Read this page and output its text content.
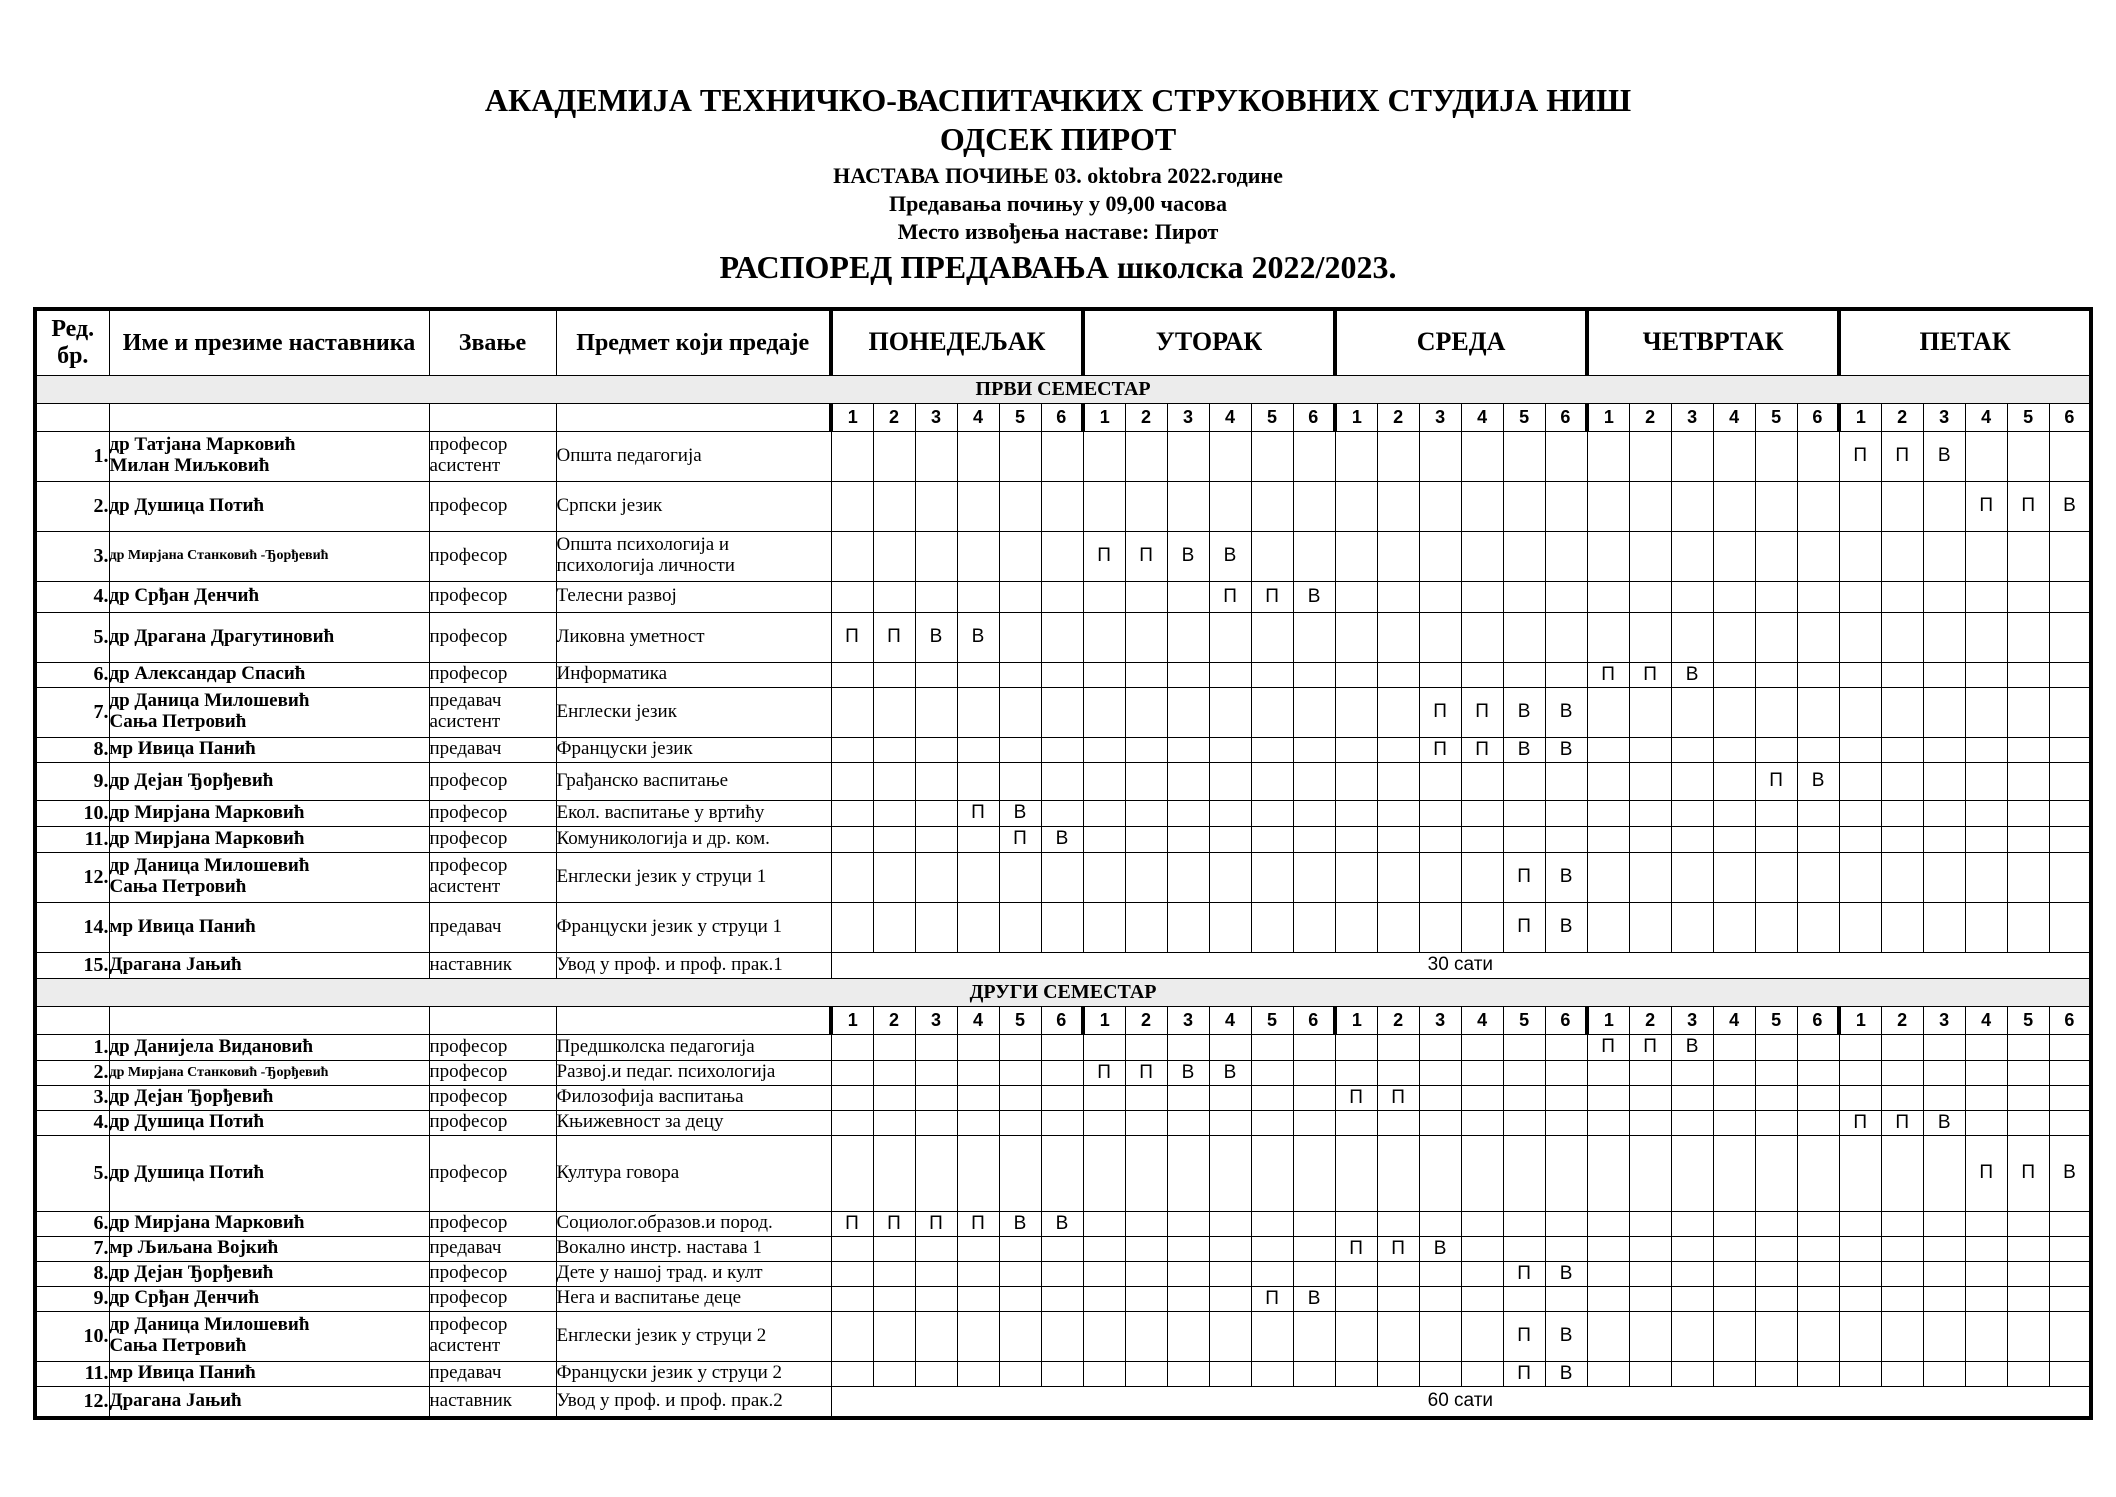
АКАДЕМИЈА ТЕХНИЧКО-ВАСПИТАЧКИХ СТРУКОВНИХ СТУДИЈА НИШ
ОДСЕК ПИРОТ
НАСТАВА ПОЧИЊЕ 03. oktobra 2022.године
Предавања почињу у 09,00 часова
Место извођења наставе: Пирот
РАСПОРЕД ПРЕДАВАЊА школска 2022/2023.
Ред. бр.	Име и презиме наставника	Звање	Предмет који предаје	ПОНЕДЕЉАК						УТОРАК						СРЕДА						ЧЕТВРТАК						ПЕТАК					
ПРВИ СЕМЕСТАР																																	
				1	2	3	4	5	6	1	2	3	4	5	6	1	2	3	4	5	6	1	2	3	4	5	6	1	2	3	4	5	6
1.	др Татјана Марковић
Милан Миљковић	професор
асистент	Општа педагогија																									П	П	В			
2.	др Душица Потић	професор	Српски језик																												П	П	В
3.	др Мирјана Станковић -Ђорђевић	професор	Општа психологија и психологија личности							П	П	В	В																				
4.	др Срђан Денчић	професор	Телесни развој										П	П	В																		
5.	др Драгана Драгутиновић	професор	Ликовна уметност	П	П	В	В																										
6.	др Александар Спасић	професор	Информатика																			П	П	В									
7.	др Даница Милошевић
Сања Петровић	предавач
асистент	Енглески језик															П	П	В	В												
8.	мр Ивица Панић	предавач	Француски језик															П	П	В	В												
9.	др Дејан Ђорђевић	професор	Грађанско васпитање																							П	В						
10.	др Мирјана Марковић	професор	Екол. васпитање у вртићу				П	В																									
11.	др Мирјана Марковић	професор	Комуникологија и др. ком.					П	В																								
12.	др Даница Милошевић
Сања Петровић	професор
асистент	Енглески језик у струци 1																	П	В												
14.	мр Ивица Панић	предавач	Француски језик у струци 1																	П	В												
15.	Драгана Јањић	наставник	Увод у проф. и проф. прак.1	30 сати																													
ДРУГИ СЕМЕСТАР																																	
				1	2	3	4	5	6	1	2	3	4	5	6	1	2	3	4	5	6	1	2	3	4	5	6	1	2	3	4	5	6
1.	др Данијела Видановић	професор	Предшколска педагогија																			П	П	В									
2.	др Мирјана Станковић -Ђорђевић	професор	Развој.и педаг. психологија							П	П	В	В																				
3.	др Дејан Ђорђевић	професор	Филозофија васпитања													П	П																
4.	др Душица Потић	професор	Књижевност за децу																									П	П	В			
5.	др Душица Потић	професор	Култура говора																												П	П	В
6.	др Мирјана Марковић	професор	Социолог.образов.и пород.	П	П	П	П	В	В																								
7.	мр Љиљана Војкић	предавач	Вокално инстр. настава 1													П	П	В															
8.	др Дејан Ђорђевић	професор	Дете у нашој трад. и култ																	П	В												
9.	др Срђан Денчић	професор	Нега и васпитање деце											П	В																		
10.	др Даница Милошевић
Сања Петровић	професор
асистент	Енглески језик у струци 2																	П	В												
11.	мр Ивица Панић	предавач	Француски језик у струци 2																	П	В												
12.	Драгана Јањић	наставник	Увод у проф. и проф. прак.2	60 сати																													
